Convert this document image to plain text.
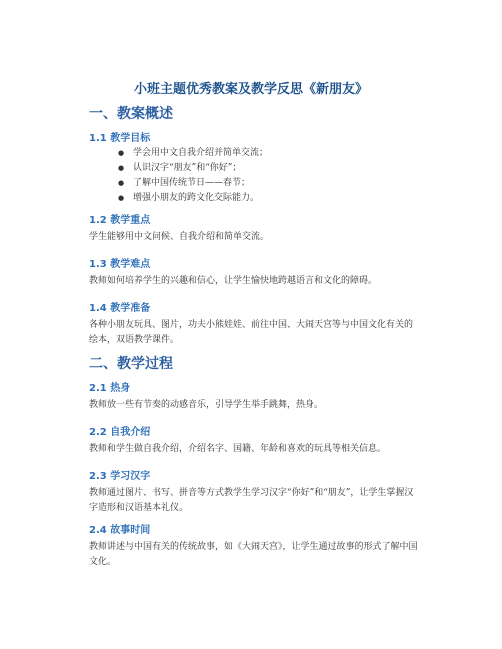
小班主题优秀教案及教学反思《新朋友》
一、教案概述
1.1 教学目标
● 学会用中文自我介绍并简单交流；
● 认识汉字“朋友”和“你好”；
● 了解中国传统节日——春节；
● 增强小朋友的跨文化交际能力。
1.2 教学重点
学生能够用中文问候、自我介绍和简单交流。
1.3 教学难点
教师如何培养学生的兴趣和信心，让学生愉快地跨越语言和文化的障碍。
1.4 教学准备
各种小朋友玩具、图片，功夫小熊娃娃、前往中国、大闹天宫等与中国文化有关的绘本，双语教学课件。
二、教学过程
2.1 热身
教师放一些有节奏的动感音乐，引导学生举手跳舞，热身。
2.2 自我介绍
教师和学生做自我介绍，介绍名字、国籍、年龄和喜欢的玩具等相关信息。
2.3 学习汉字
教师通过图片、书写、拼音等方式教学生学习汉字“你好”和“朋友”，让学生掌握汉字造形和汉语基本礼仪。
2.4 故事时间
教师讲述与中国有关的传统故事，如《大闹天宫》，让学生通过故事的形式了解中国文化。
